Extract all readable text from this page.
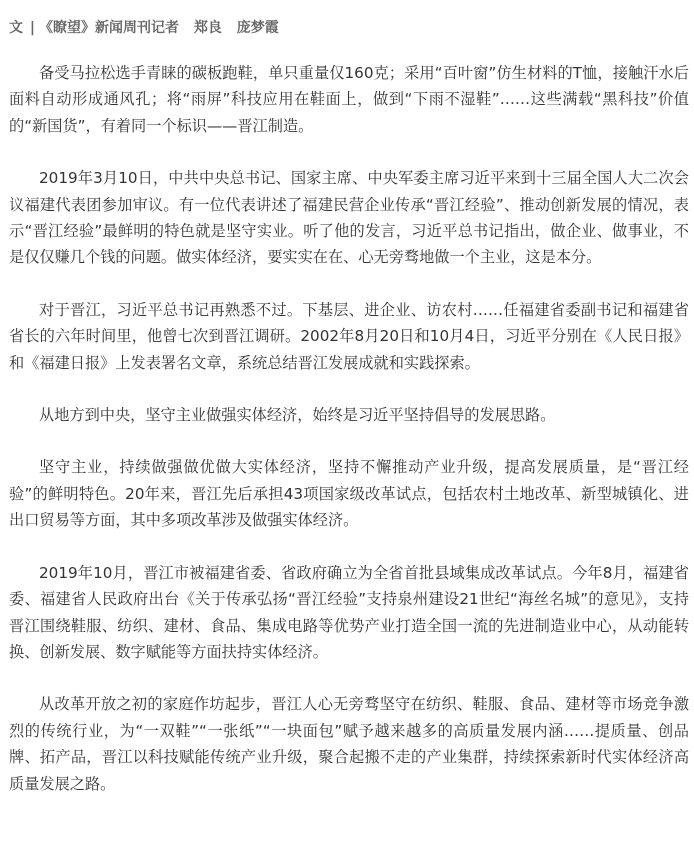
文 | 《瞭望》新闻周刊记者 郑良 庞梦霞

备受马拉松选手青睐的碳板跑鞋，单只重量仅160克；采用“百叶窗”仿生材料的T恤，接触汗水后面料自动形成通风孔；将“雨屏”科技应用在鞋面上，做到“下雨不湿鞋”……这些满载“黑科技”价值的“新国货”，有着同一个标识——晋江制造。

2019年3月10日，中共中央总书记、国家主席、中央军委主席习近平来到十三届全国人大二次会议福建代表团参加审议。有一位代表讲述了福建民营企业传承“晋江经验”、推动创新发展的情况，表示“晋江经验”最鲜明的特色就是坚守实业。听了他的发言，习近平总书记指出，做企业、做事业，不是仅仅赚几个钱的问题。做实体经济，要实实在在、心无旁骛地做一个主业，这是本分。

对于晋江，习近平总书记再熟悉不过。下基层、进企业、访农村……任福建省委副书记和福建省省长的六年时间里，他曾七次到晋江调研。2002年8月20日和10月4日，习近平分别在《人民日报》和《福建日报》上发表署名文章，系统总结晋江发展成就和实践探索。

从地方到中央，坚守主业做强实体经济，始终是习近平坚持倡导的发展思路。

坚守主业，持续做强做优做大实体经济，坚持不懈推动产业升级，提高发展质量，是“晋江经验”的鲜明特色。20年来，晋江先后承担43项国家级改革试点，包括农村土地改革、新型城镇化、进出口贸易等方面，其中多项改革涉及做强实体经济。

2019年10月，晋江市被福建省委、省政府确立为全省首批县域集成改革试点。今年8月，福建省委、福建省人民政府出台《关于传承弘扬“晋江经验”支持泉州建设21世纪“海丝名城”的意见》，支持晋江围绕鞋服、纺织、建材、食品、集成电路等优势产业打造全国一流的先进制造业中心，从动能转换、创新发展、数字赋能等方面扶持实体经济。

从改革开放之初的家庭作坊起步，晋江人心无旁骛坚守在纺织、鞋服、食品、建材等市场竞争激烈的传统行业，为“一双鞋”“一张纸”“一块面包”赋予越来越多的高质量发展内涵……提质量、创品牌、拓产品，晋江以科技赋能传统产业升级，聚合起搬不走的产业集群，持续探索新时代实体经济高质量发展之路。
